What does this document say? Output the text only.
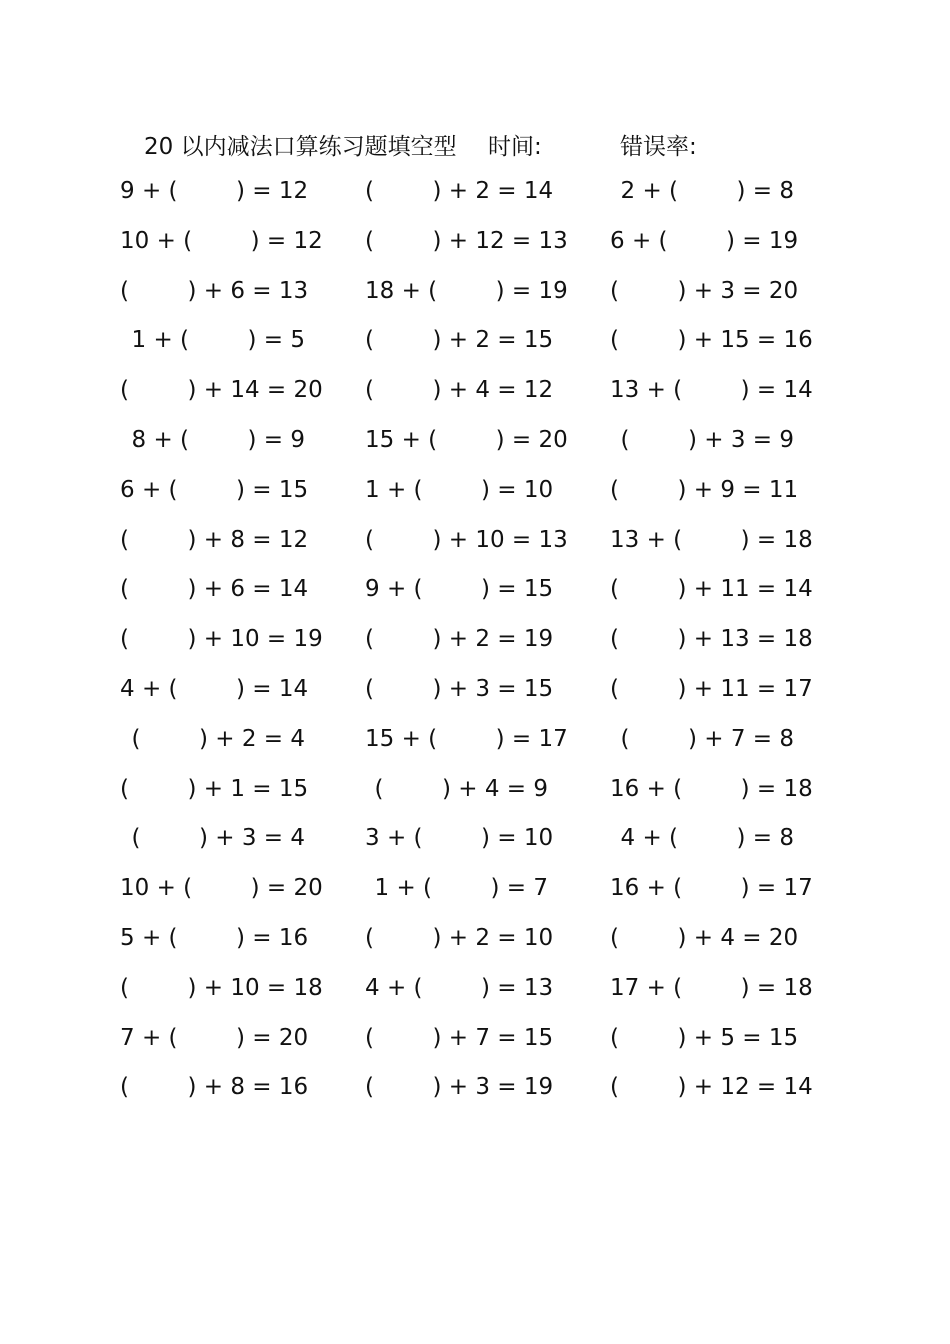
20 以内减法口算练习题填空型 时间:	错误率:
9 + (        ) = 12 (        ) + 2 = 14	2 + (        ) = 8
10 + (        ) = 12 (        ) + 12 = 13 6 + (        ) = 19
(        ) + 6 = 13 18 + (        ) = 19 (        ) + 3 = 20
1 + (        ) = 5	(        ) + 2 = 15 (        ) + 15 = 16
(        ) + 14 = 20 (        ) + 4 = 12 13 + (        ) = 14
8 + (        ) = 9	15 + (        ) = 20	(        ) + 3 = 9
6 + (        ) = 15 1 + (        ) = 10 (        ) + 9 = 11
(        ) + 8 = 12 (        ) + 10 = 13 13 + (        ) = 18
(        ) + 6 = 14 9 + (        ) = 15 (        ) + 11 = 14
(        ) + 10 = 19 (        ) + 2 = 19 (        ) + 13 = 18
4 + (        ) = 14 (        ) + 3 = 15 (        ) + 11 = 17
(        ) + 2 = 4	15 + (        ) = 17	(        ) + 7 = 8
(        ) + 1 = 15	(        ) + 4 = 9	16 + (        ) = 18
(        ) + 3 = 4	3 + (        ) = 10	4 + (        ) = 8
10 + (        ) = 20	1 + (        ) = 7	16 + (        ) = 17
5 + (        ) = 16 (        ) + 2 = 10 (        ) + 4 = 20
(        ) + 10 = 18 4 + (        ) = 13 17 + (        ) = 18
7 + (        ) = 20 (        ) + 7 = 15 (        ) + 5 = 15
(        ) + 8 = 16 (        ) + 3 = 19 (        ) + 12 = 14
